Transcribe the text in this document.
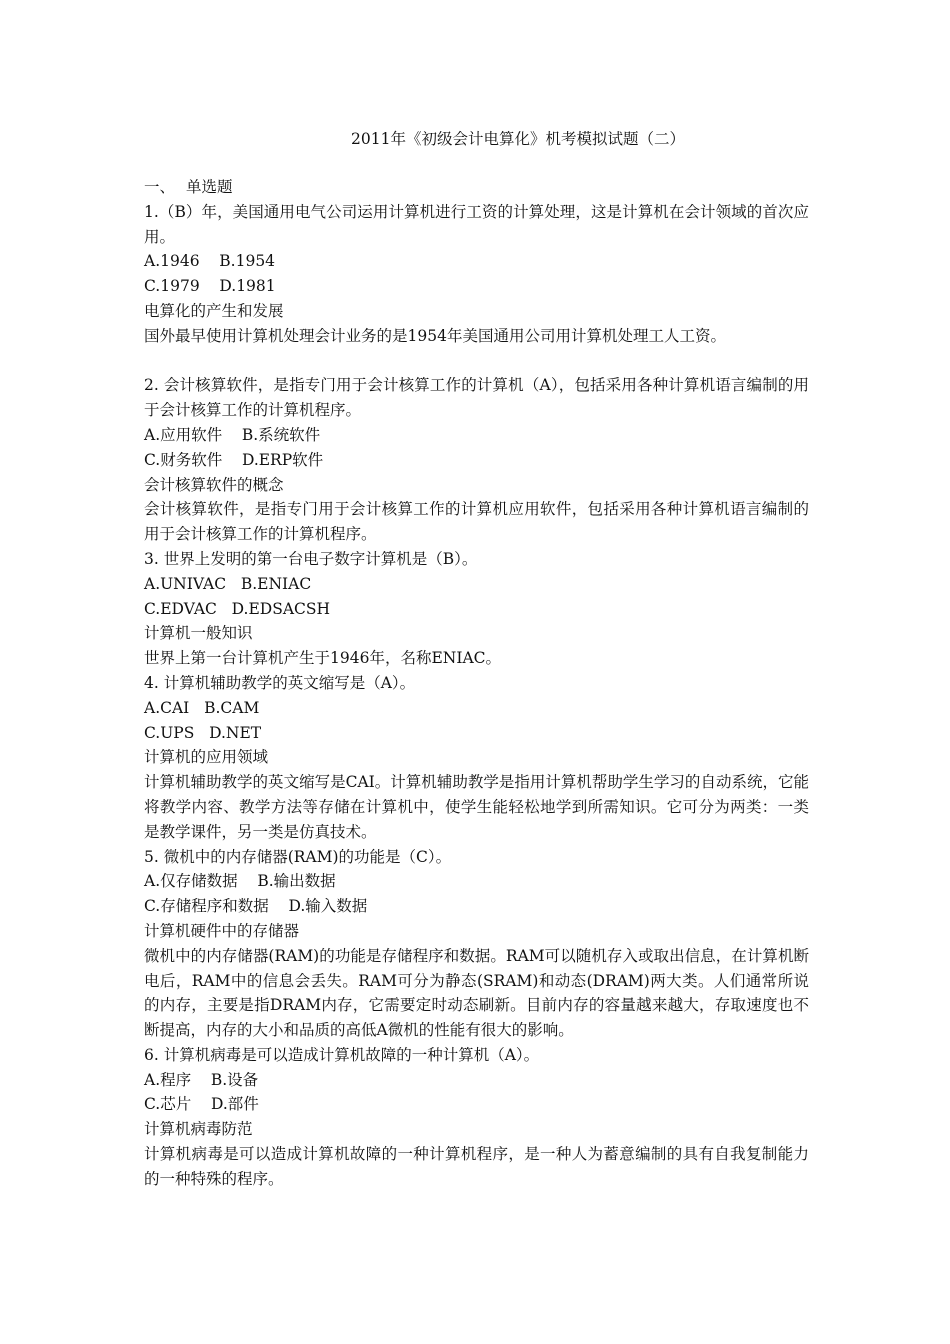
2011年《初级会计电算化》机考模拟试题（二）

一、 单选题

1.（B）年，美国通用电气公司运用计算机进行工资的计算处理，这是计算机在会计领域的首次应用。

A.1946    B.1954

C.1979    D.1981

电算化的产生和发展

国外最早使用计算机处理会计业务的是1954年美国通用公司用计算机处理工人工资。

2. 会计核算软件，是指专门用于会计核算工作的计算机（A），包括采用各种计算机语言编制的用于会计核算工作的计算机程序。

A.应用软件    B.系统软件

C.财务软件    D.ERP软件

会计核算软件的概念

会计核算软件，是指专门用于会计核算工作的计算机应用软件，包括采用各种计算机语言编制的用于会计核算工作的计算机程序。

3. 世界上发明的第一台电子数字计算机是（B）。

A.UNIVAC   B.ENIAC

C.EDVAC   D.EDSACSH

计算机一般知识

世界上第一台计算机产生于1946年，名称ENIAC。

4. 计算机辅助教学的英文缩写是（A）。

A.CAI   B.CAM

C.UPS   D.NET

计算机的应用领域

计算机辅助教学的英文缩写是CAI。计算机辅助教学是指用计算机帮助学生学习的自动系统，它能将教学内容、教学方法等存储在计算机中，使学生能轻松地学到所需知识。它可分为两类：一类是教学课件，另一类是仿真技术。

5. 微机中的内存储器(RAM)的功能是（C）。

A.仅存储数据    B.输出数据

C.存储程序和数据    D.输入数据

计算机硬件中的存储器

微机中的内存储器(RAM)的功能是存储程序和数据。RAM可以随机存入或取出信息，在计算机断电后，RAM中的信息会丢失。RAM可分为静态(SRAM)和动态(DRAM)两大类。人们通常所说的内存，主要是指DRAM内存，它需要定时动态刷新。目前内存的容量越来越大，存取速度也不断提高，内存的大小和品质的高低A微机的性能有很大的影响。

6. 计算机病毒是可以造成计算机故障的一种计算机（A）。

A.程序    B.设备

C.芯片    D.部件

计算机病毒防范

计算机病毒是可以造成计算机故障的一种计算机程序，是一种人为蓄意编制的具有自我复制能力的一种特殊的程序。
